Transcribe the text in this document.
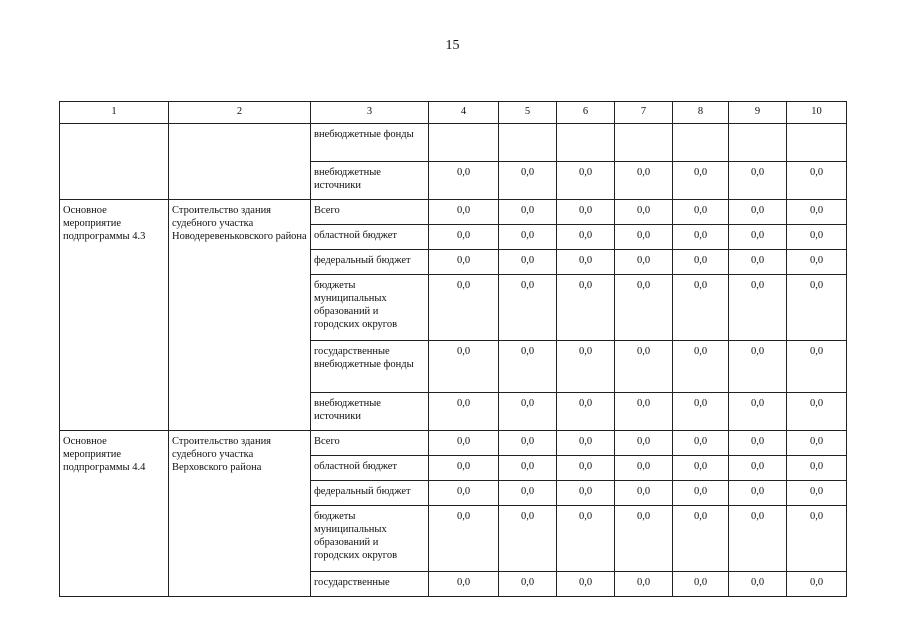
15
1	2	3	4	5	6	7	8	9	10
		внебюджетные фонды							
		внебюджетные источники	0,0	0,0	0,0	0,0	0,0	0,0	0,0
Основное мероприятие подпрограммы 4.3	Строительство здания судебного участка Новодеревеньковского района	Всего	0,0	0,0	0,0	0,0	0,0	0,0	0,0
		областной бюджет	0,0	0,0	0,0	0,0	0,0	0,0	0,0
		федеральный бюджет	0,0	0,0	0,0	0,0	0,0	0,0	0,0
		бюджеты муниципальных образований и городских округов	0,0	0,0	0,0	0,0	0,0	0,0	0,0
		государственные внебюджетные фонды	0,0	0,0	0,0	0,0	0,0	0,0	0,0
		внебюджетные источники	0,0	0,0	0,0	0,0	0,0	0,0	0,0
Основное мероприятие подпрограммы 4.4	Строительство здания судебного участка Верховского района	Всего	0,0	0,0	0,0	0,0	0,0	0,0	0,0
		областной бюджет	0,0	0,0	0,0	0,0	0,0	0,0	0,0
		федеральный бюджет	0,0	0,0	0,0	0,0	0,0	0,0	0,0
		бюджеты муниципальных образований и городских округов	0,0	0,0	0,0	0,0	0,0	0,0	0,0
		государственные	0,0	0,0	0,0	0,0	0,0	0,0	0,0
